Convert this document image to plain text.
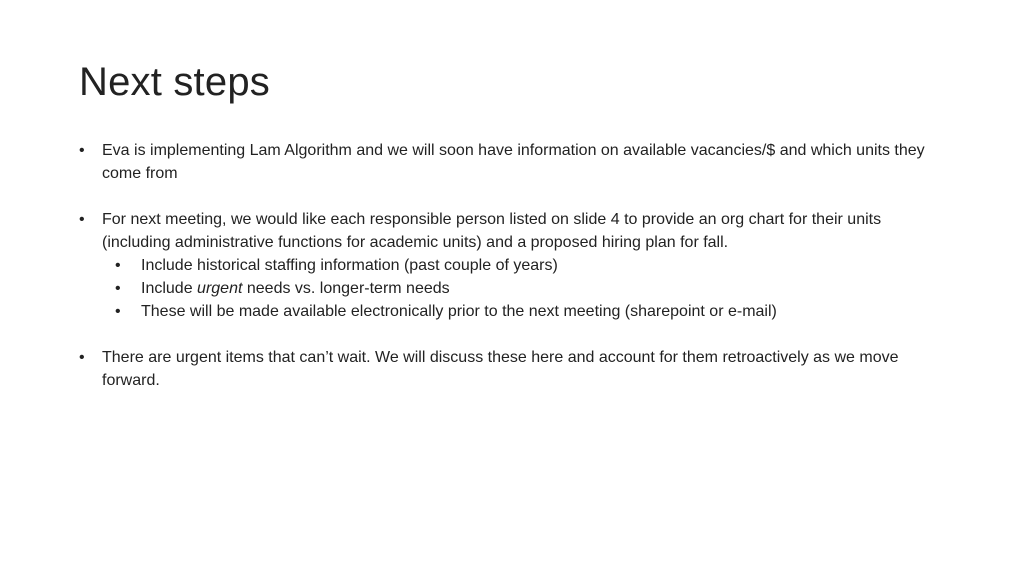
Next steps
•	Eva is implementing Lam Algorithm and we will soon have information on available vacancies/$ and which units they come from
•	For next meeting, we would like each responsible person listed on slide 4 to provide an org chart for their units (including administrative functions for academic units) and a proposed hiring plan for fall.
•	Include historical staffing information (past couple of years)
•	Include urgent needs vs. longer-term needs
•	These will be made available electronically prior to the next meeting (sharepoint or e-mail)
•	There are urgent items that can’t wait. We will discuss these here and account for them retroactively as we move forward.
